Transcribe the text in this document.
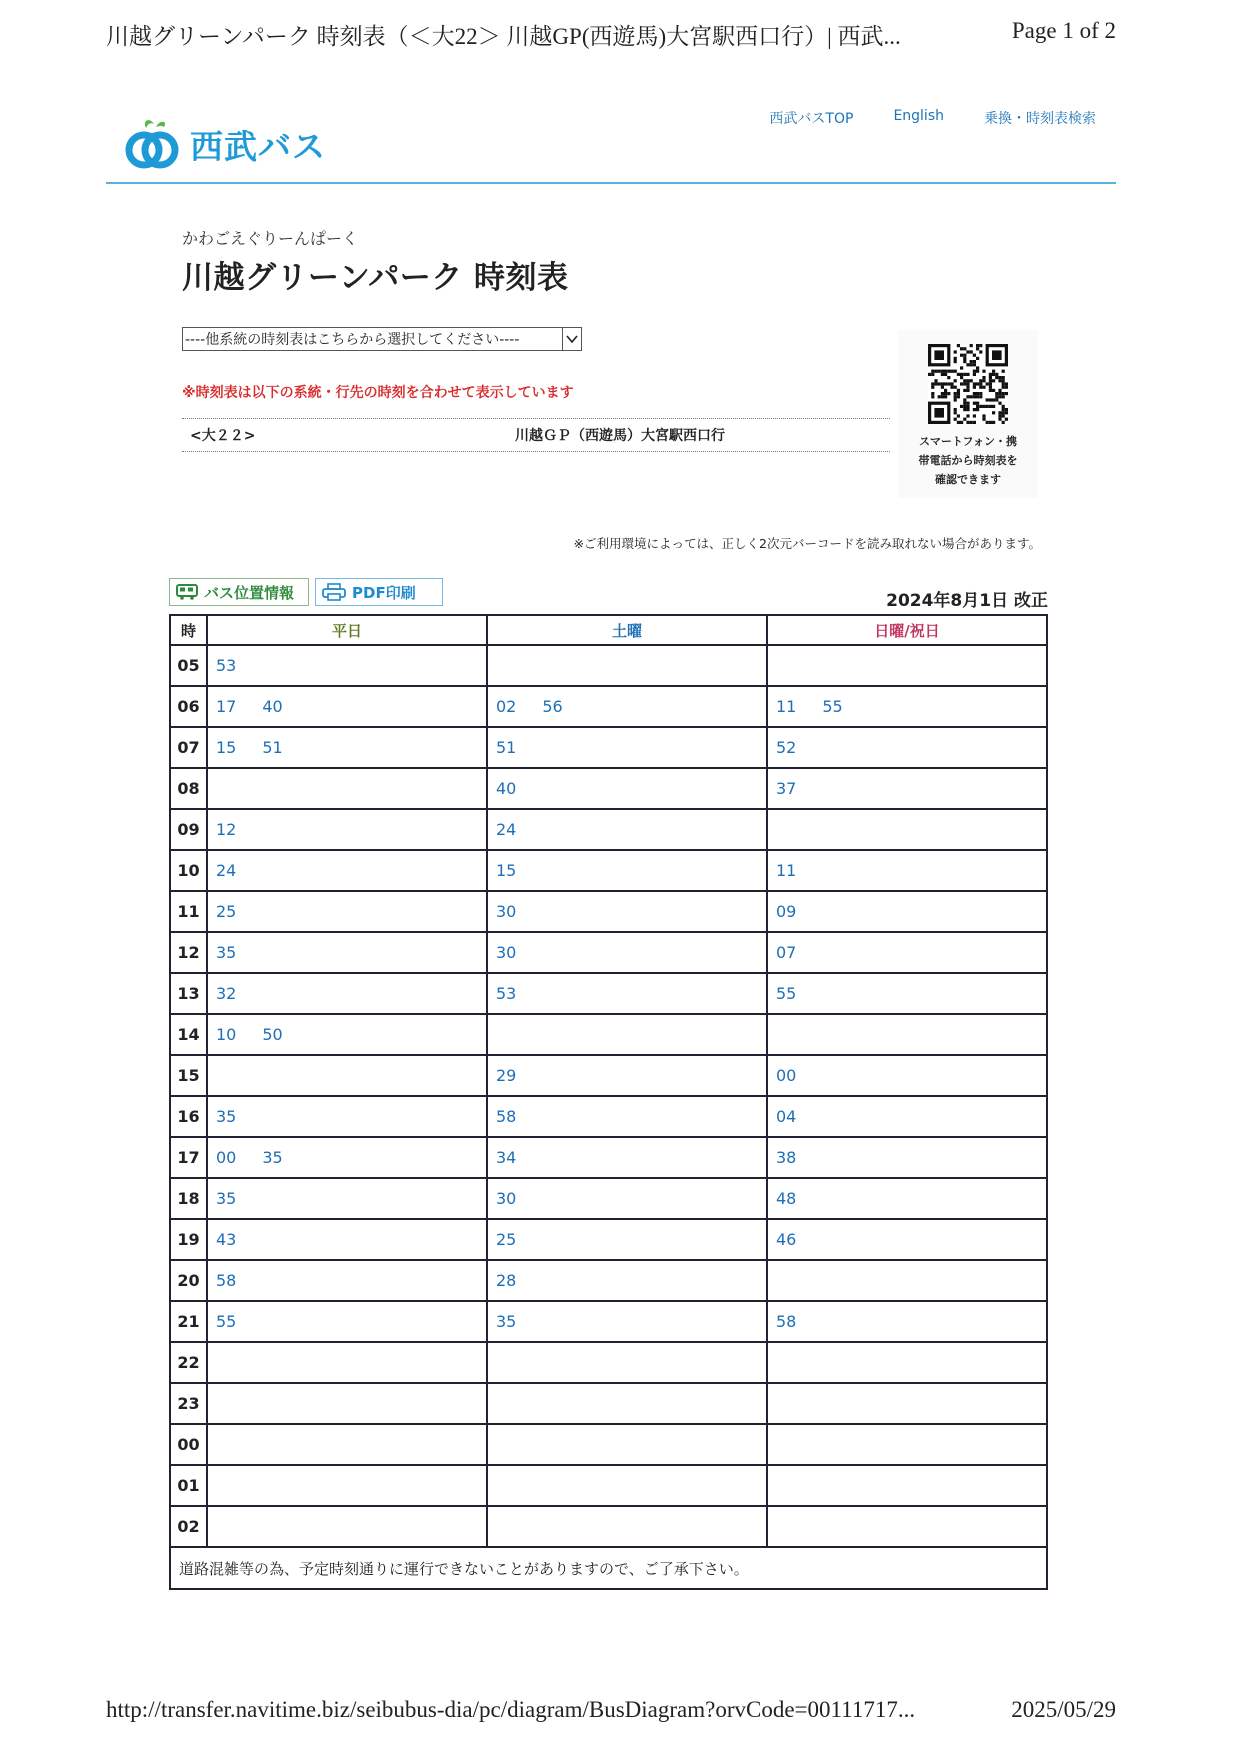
川越グリーンパーク 時刻表（＜大22＞ 川越GP(西遊馬)大宮駅西口行）| 西武...	Page 1 of 2
西武バス
西武バスTOP	English	乗換・時刻表検索
かわごえぐりーんぱーく
川越グリーンパーク 時刻表
----他系統の時刻表はこちらから選択してください----
※時刻表は以下の系統・行先の時刻を合わせて表示しています
<大２２>	川越ＧＰ（西遊馬）大宮駅西口行	スマートフォン・携
帯電話から時刻表を
確認できます
※ご利用環境によっては、正しく2次元バーコードを読み取れない場合があります。
バス位置情報	PDF印刷	2024年8月1日 改正
時	平日	土曜	日曜/祝日
05	53		
06	17 40	02 56	11 55
07	15 51	51	52
08		40	37
09	12	24	
10	24	15	11
11	25	30	09
12	35	30	07
13	32	53	55
14	10 50		
15		29	00
16	35	58	04
17	00 35	34	38
18	35	30	48
19	43	25	46
20	58	28	
21	55	35	58
22			
23			
00			
01			
02			
道路混雑等の為、予定時刻通りに運行できないことがありますので、ご了承下さい。			
http://transfer.navitime.biz/seibubus-dia/pc/diagram/BusDiagram?orvCode=00111717...	2025/05/29
